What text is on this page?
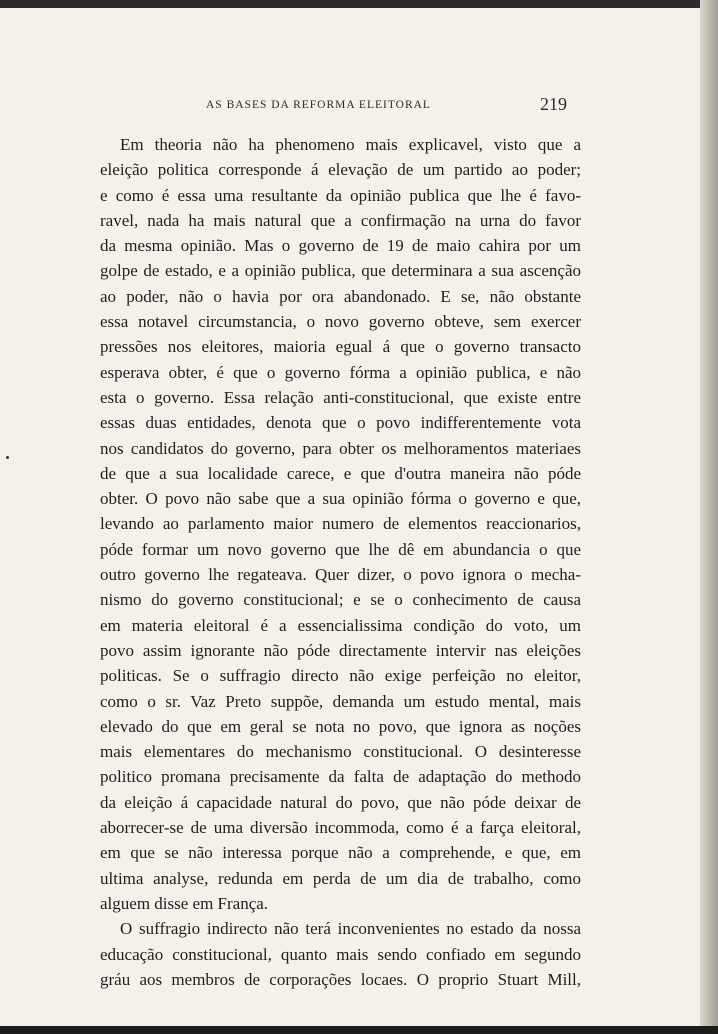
AS BASES DA REFORMA ELEITORAL	219
Em theoria não ha phenomeno mais explicavel, visto que a
eleição politica corresponde á elevação de um partido ao poder;
e como é essa uma resultante da opinião publica que lhe é favo-
ravel, nada ha mais natural que a confirmação na urna do favor
da mesma opinião. Mas o governo de 19 de maio cahira por um
golpe de estado, e a opinião publica, que determinara a sua ascenção
ao poder, não o havia por ora abandonado. E se, não obstante
essa notavel circumstancia, o novo governo obteve, sem exercer
pressões nos eleitores, maioria egual á que o governo transacto
esperava obter, é que o governo fórma a opinião publica, e não
esta o governo. Essa relação anti-constitucional, que existe entre
essas duas entidades, denota que o povo indifferentemente vota
nos candidatos do governo, para obter os melhoramentos materiaes
de que a sua localidade carece, e que d'outra maneira não póde
obter. O povo não sabe que a sua opinião fórma o governo e que,
levando ao parlamento maior numero de elementos reaccionarios,
póde formar um novo governo que lhe dê em abundancia o que
outro governo lhe regateava. Quer dizer, o povo ignora o mecha-
nismo do governo constitucional; e se o conhecimento de causa
em materia eleitoral é a essencialissima condição do voto, um
povo assim ignorante não póde directamente intervir nas eleições
politicas. Se o suffragio directo não exige perfeição no eleitor,
como o sr. Vaz Preto suppõe, demanda um estudo mental, mais
elevado do que em geral se nota no povo, que ignora as noções
mais elementares do mechanismo constitucional. O desinteresse
politico promana precisamente da falta de adaptação do methodo
da eleição á capacidade natural do povo, que não póde deixar de
aborrecer-se de uma diversão incommoda, como é a farça eleitoral,
em que se não interessa porque não a comprehende, e que, em
ultima analyse, redunda em perda de um dia de trabalho, como
alguem disse em França.
O suffragio indirecto não terá inconvenientes no estado da nossa
educação constitucional, quanto mais sendo confiado em segundo
gráu aos membros de corporações locaes. O proprio Stuart Mill,
